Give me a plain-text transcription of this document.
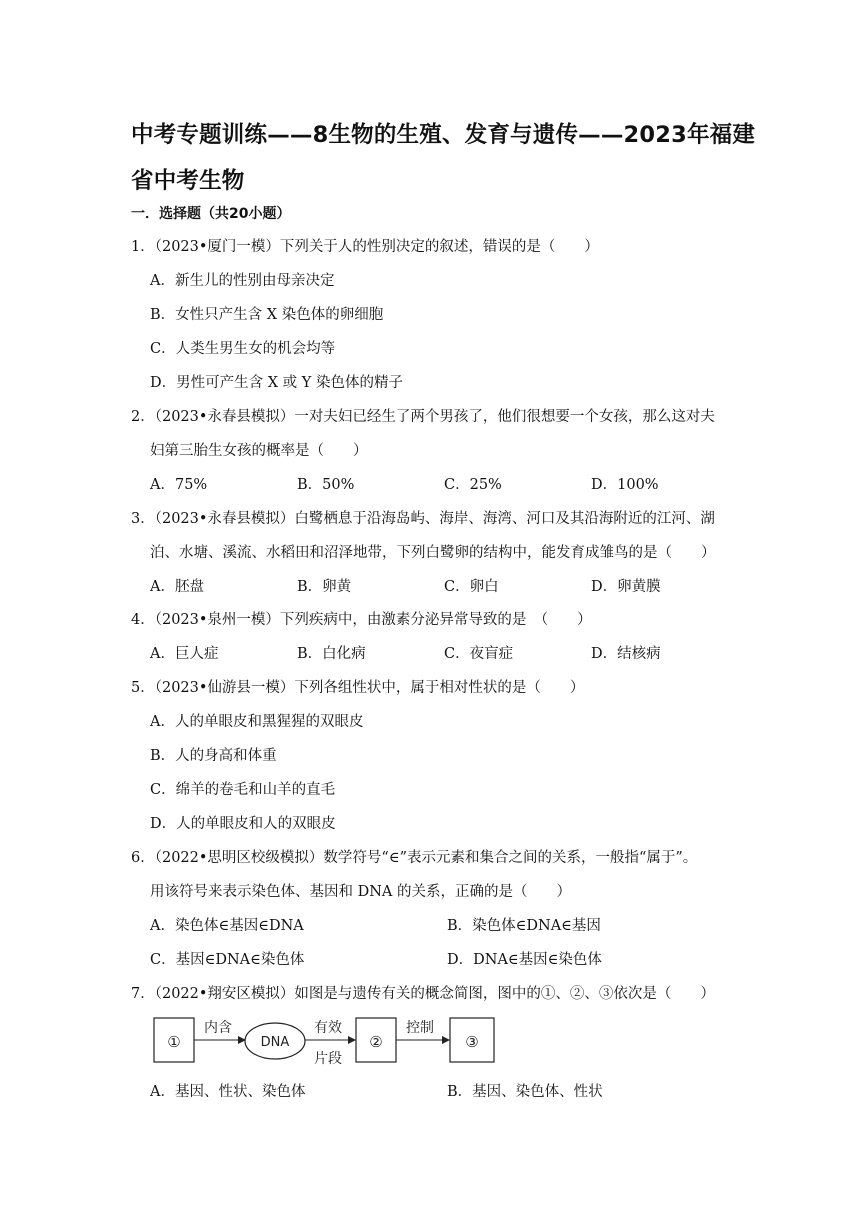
中考专题训练——8生物的生殖、发育与遗传——2023年福建省中考生物
一．选择题（共20小题）
1．（2023•厦门一模）下列关于人的性别决定的叙述，错误的是（　　）
A．新生儿的性别由母亲决定
B．女性只产生含 X 染色体的卵细胞
C．人类生男生女的机会均等
D．男性可产生含 X 或 Y 染色体的精子
2．（2023•永春县模拟）一对夫妇已经生了两个男孩了，他们很想要一个女孩，那么这对夫
妇第三胎生女孩的概率是（　　）
A．75%	B．50%	C．25%	D．100%
3．（2023•永春县模拟）白鹭栖息于沿海岛屿、海岸、海湾、河口及其沿海附近的江河、湖
泊、水塘、溪流、水稻田和沼泽地带，下列白鹭卵的结构中，能发育成雏鸟的是（　　）
A．胚盘	B．卵黄	C．卵白	D．卵黄膜
4．（2023•泉州一模）下列疾病中，由激素分泌异常导致的是　（　　）
A．巨人症	B．白化病	C．夜盲症	D．结核病
5．（2023•仙游县一模）下列各组性状中，属于相对性状的是（　　）
A．人的单眼皮和黑猩猩的双眼皮
B．人的身高和体重
C．绵羊的卷毛和山羊的直毛
D．人的单眼皮和人的双眼皮
6．（2022•思明区校级模拟）数学符号“∈”表示元素和集合之间的关系，一般指“属于”。
用该符号来表示染色体、基因和 DNA 的关系，正确的是（　　）
A．染色体∈基因∈DNA	B．染色体∈DNA∈基因
C．基因∈DNA∈染色体	D．DNA∈基因∈染色体
7．（2022•翔安区模拟）如图是与遗传有关的概念简图，图中的①、②、③依次是（　　）
①
内含
DNA
有效
片段
②
控制
③
A．基因、性状、染色体	B．基因、染色体、性状
